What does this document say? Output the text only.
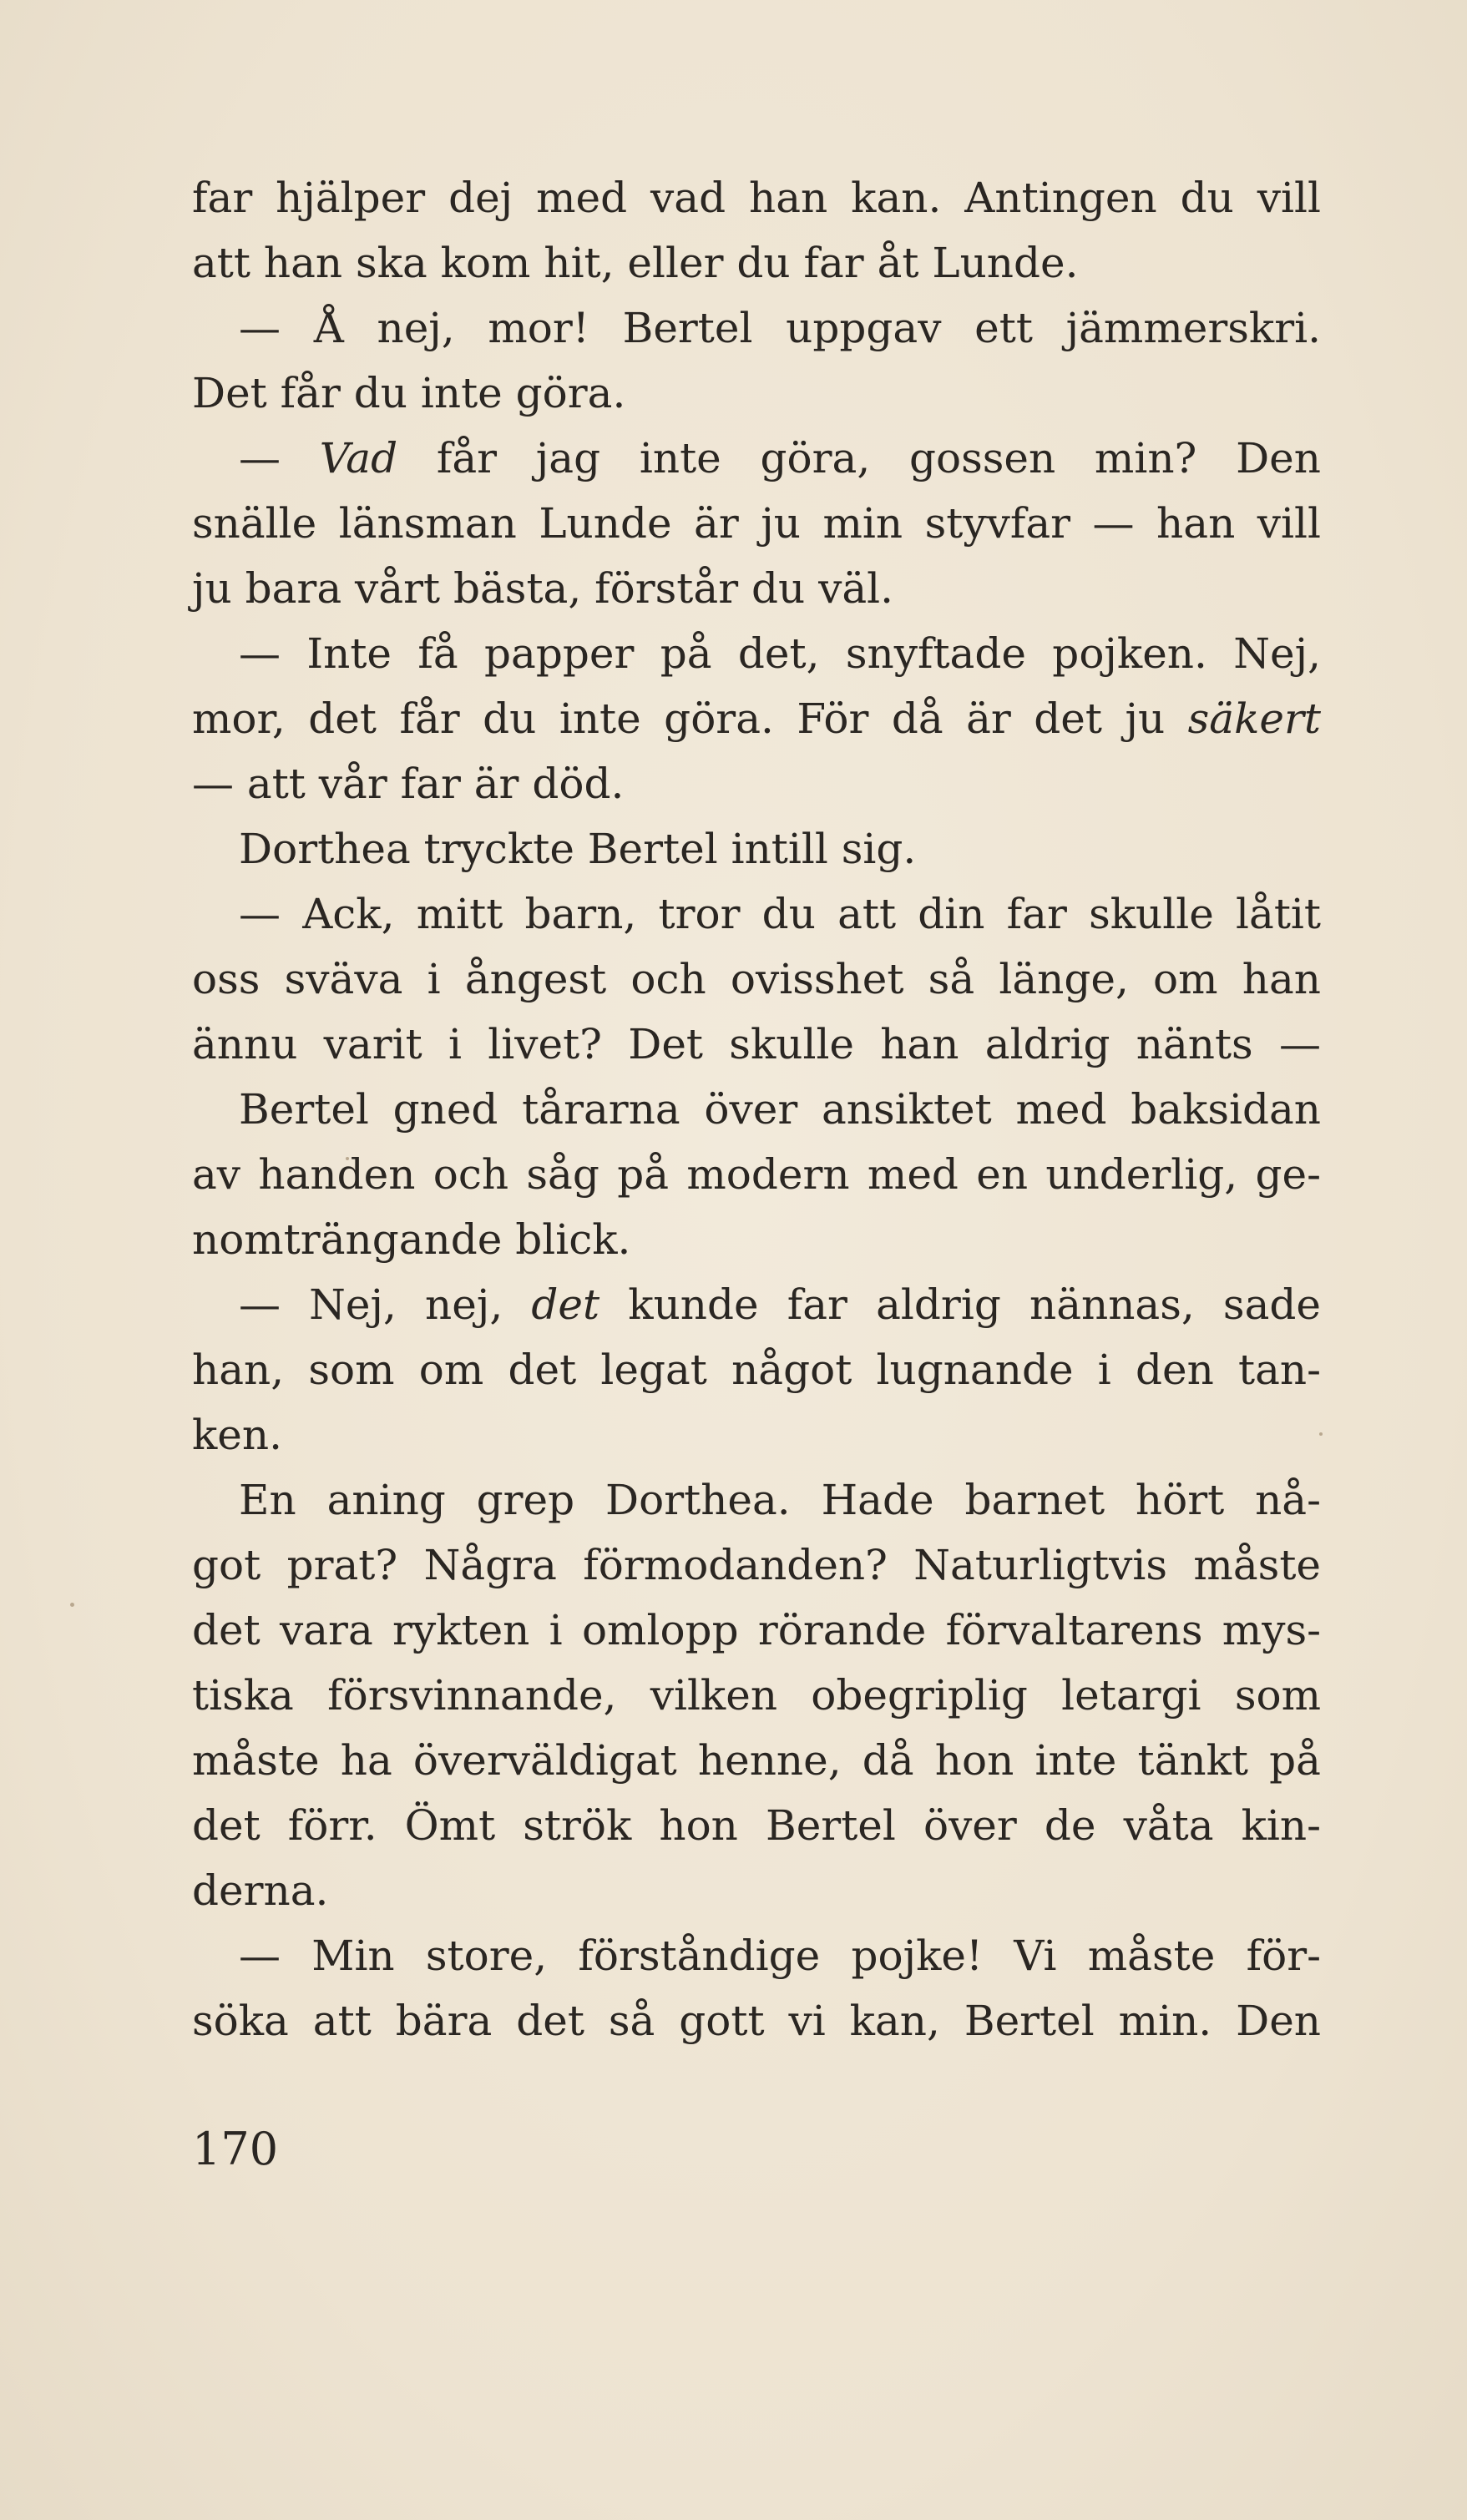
far hjälper dej med vad han kan. Antingen du vill
att han ska kom hit, eller du far åt Lunde.
— Å nej, mor! Bertel uppgav ett jämmerskri.
Det får du inte göra.
— Vad får jag inte göra, gossen min? Den
snälle länsman Lunde är ju min styvfar — han vill
ju bara vårt bästa, förstår du väl.
— Inte få papper på det, snyftade pojken. Nej,
mor, det får du inte göra. För då är det ju säkert
— att vår far är död.
Dorthea tryckte Bertel intill sig.
— Ack, mitt barn, tror du att din far skulle låtit
oss sväva i ångest och ovisshet så länge, om han
ännu varit i livet? Det skulle han aldrig nänts —
Bertel gned tårarna över ansiktet med baksidan
av handen och såg på modern med en underlig, ge-
nomträngande blick.
— Nej, nej, det kunde far aldrig nännas, sade
han, som om det legat något lugnande i den tan-
ken.
En aning grep Dorthea. Hade barnet hört nå-
got prat? Några förmodanden? Naturligtvis måste
det vara rykten i omlopp rörande förvaltarens mys-
tiska försvinnande, vilken obegriplig letargi som
måste ha överväldigat henne, då hon inte tänkt på
det förr. Ömt strök hon Bertel över de våta kin-
derna.
— Min store, förståndige pojke! Vi måste för-
söka att bära det så gott vi kan, Bertel min. Den
170
